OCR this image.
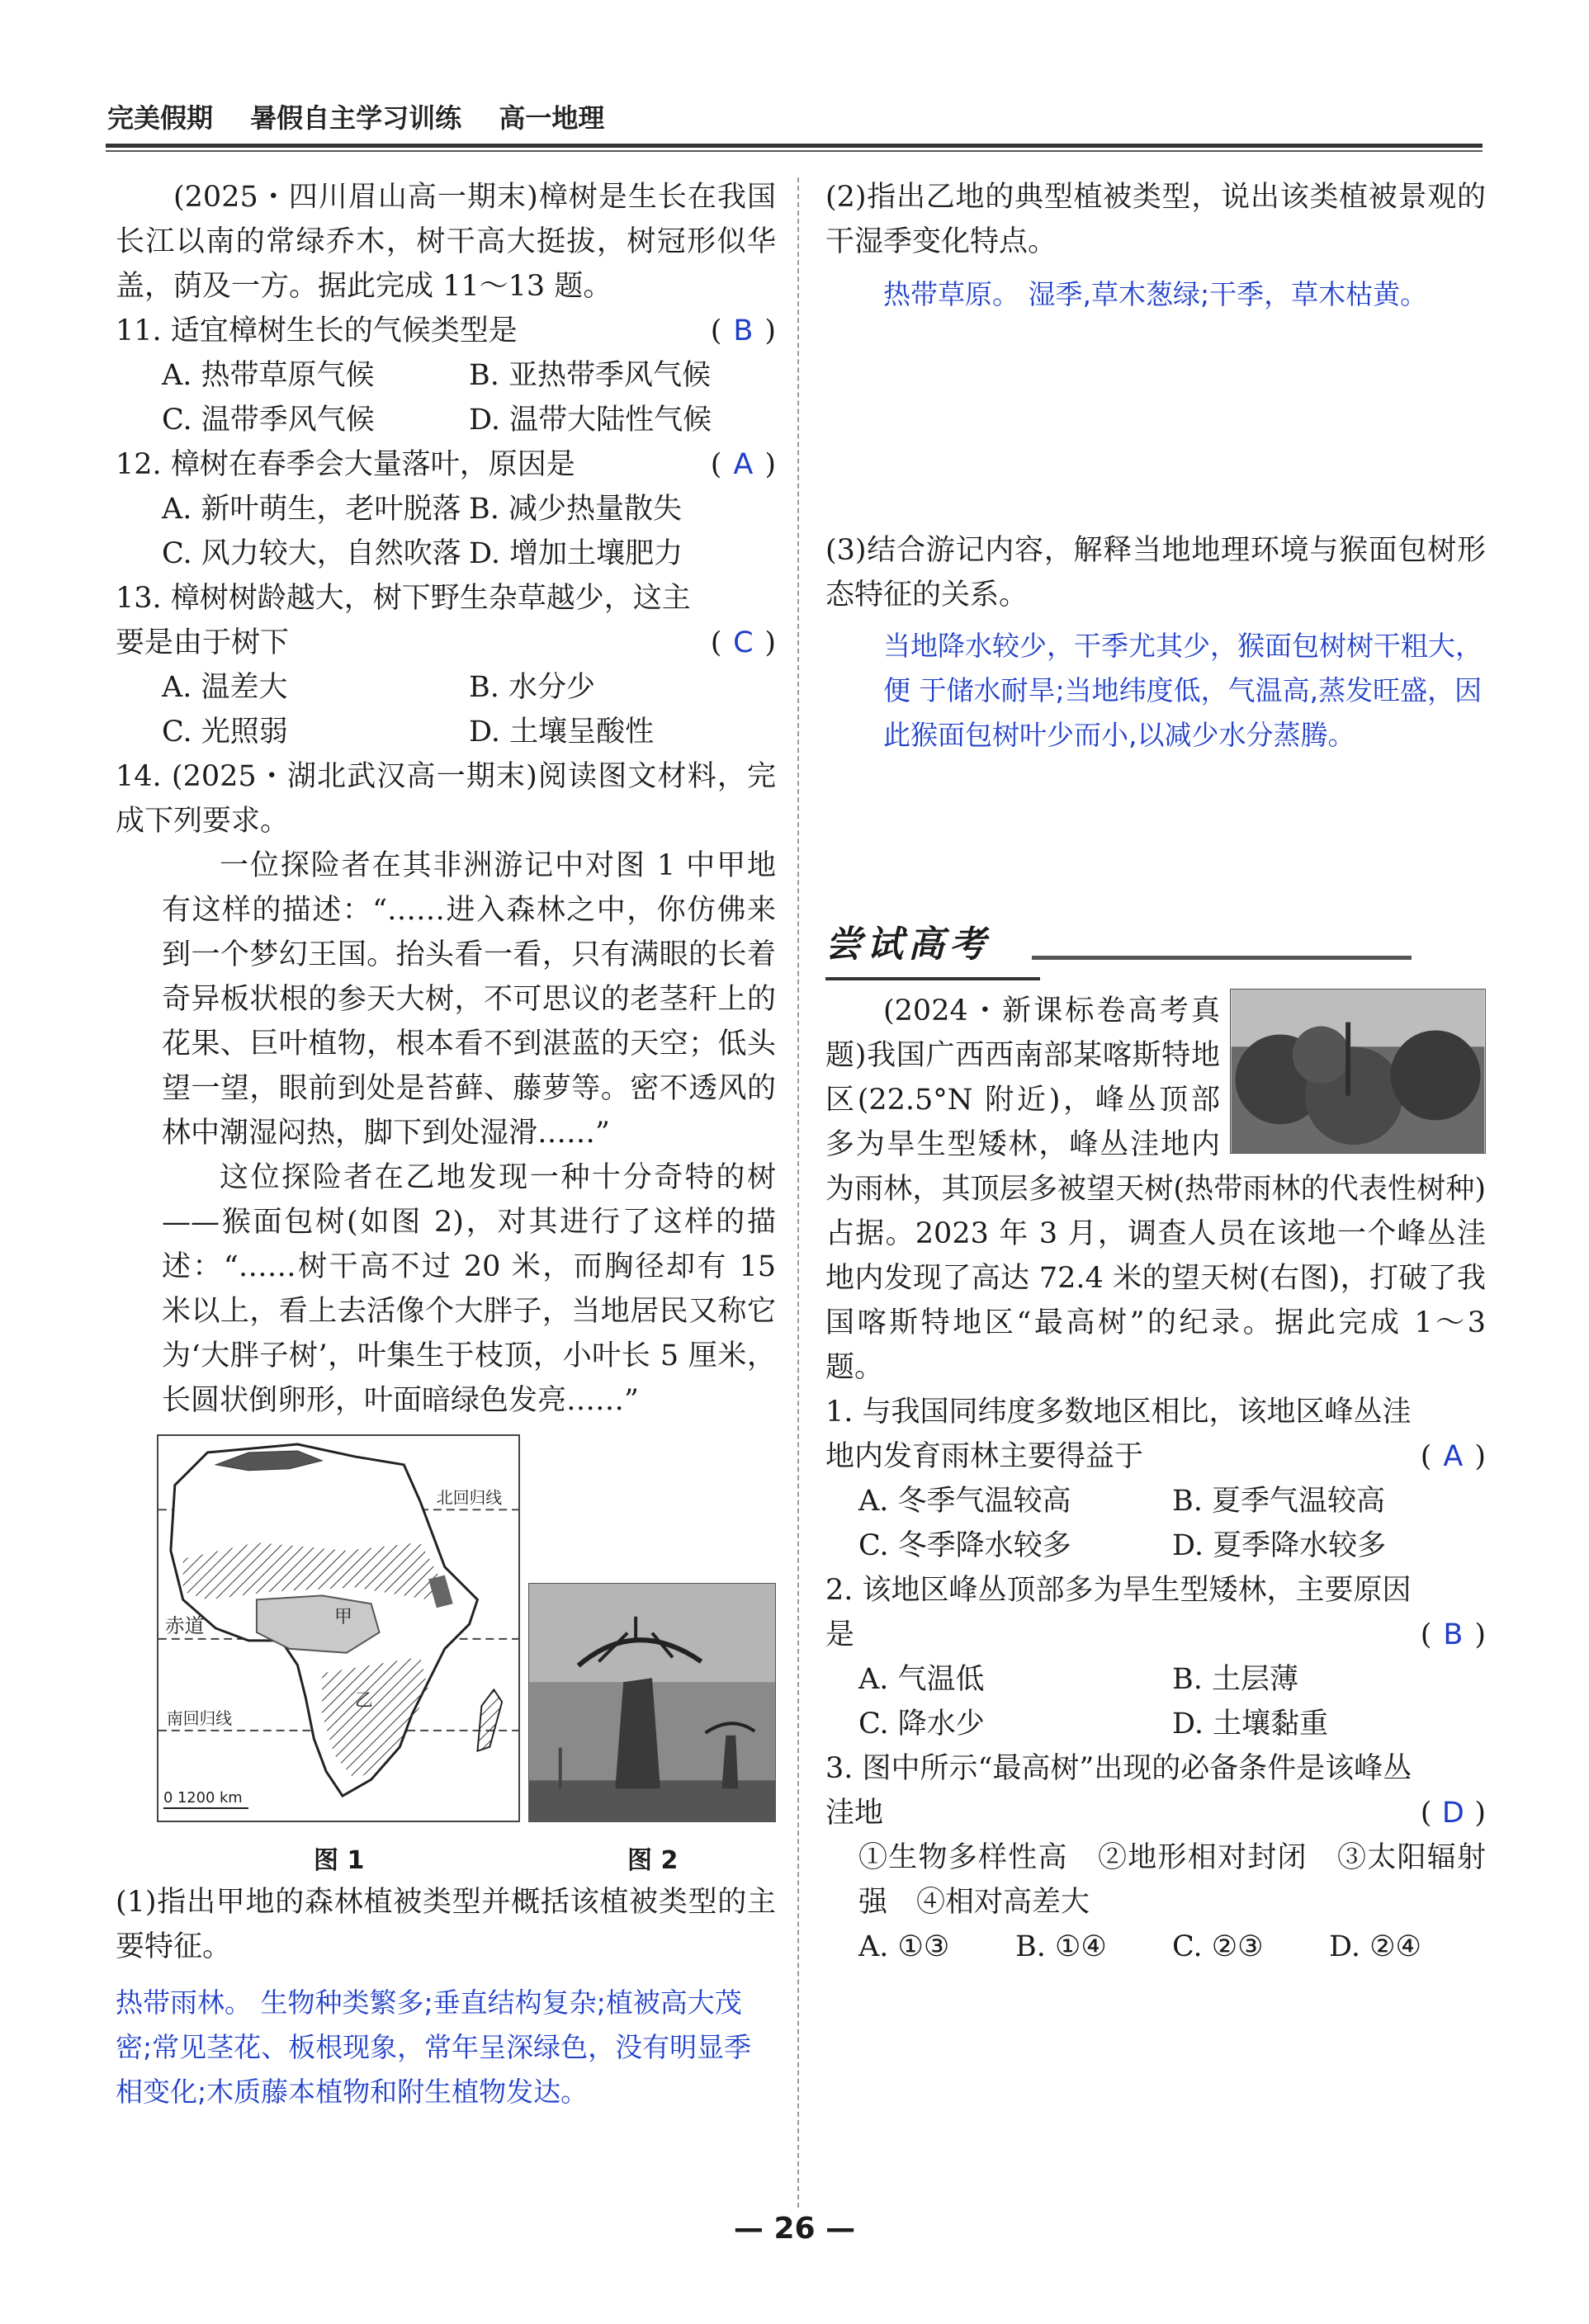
完美假期 暑假自主学习训练 高一地理
(2025・四川眉山高一期末)樟树是生长在我国长江以南的常绿乔木，树干高大挺拔，树冠形似华盖，荫及一方。据此完成 11～13 题。
11. 适宜樟树生长的气候类型是	( B )
A. 热带草原气候	B. 亚热带季风气候
C. 温带季风气候	D. 温带大陆性气候
12. 樟树在春季会大量落叶，原因是	( A )
A. 新叶萌生，老叶脱落 B. 减少热量散失
C. 风力较大，自然吹落 D. 增加土壤肥力
13. 樟树树龄越大，树下野生杂草越少，这主要是由于树下	( C )
A. 温差大	B. 水分少
C. 光照弱	D. 土壤呈酸性
14. (2025・湖北武汉高一期末)阅读图文材料，完成下列要求。
一位探险者在其非洲游记中对图 1 中甲地有这样的描述：“……进入森林之中，你仿佛来到一个梦幻王国。抬头看一看，只有满眼的长着奇异板状根的参天大树，不可思议的老茎秆上的花果、巨叶植物，根本看不到湛蓝的天空；低头望一望，眼前到处是苔藓、藤萝等。密不透风的林中潮湿闷热，脚下到处湿滑……”
这位探险者在乙地发现一种十分奇特的树——猴面包树(如图 2)，对其进行了这样的描述：“……树干高不过 20 米，而胸径却有 15 米以上，看上去活像个大胖子，当地居民又称它为‘大胖子树’，叶集生于枝顶，小叶长 5 厘米，长圆状倒卵形，叶面暗绿色发亮……”
北回归线
赤道
南回归线
甲
乙
0 1200 km
图 1	图 2
(1)指出甲地的森林植被类型并概括该植被类型的主要特征。
热带雨林。 生物种类繁多;垂直结构复杂;植被高大茂密;常见茎花、板根现象，常年呈深绿色，没有明显季相变化;木质藤本植物和附生植物发达。
(2)指出乙地的典型植被类型，说出该类植被景观的干湿季变化特点。
热带草原。 湿季,草木葱绿;干季，草木枯黄。
(3)结合游记内容，解释当地地理环境与猴面包树形态特征的关系。
当地降水较少，干季尤其少，猴面包树树干粗大，便 于储水耐旱;当地纬度低，气温高,蒸发旺盛，因此猴面包树叶少而小,以减少水分蒸腾。
尝试高考
(2024・新课标卷高考真题)我国广西西南部某喀斯特地区(22.5°N 附近)，峰丛顶部多为旱生型矮林，峰丛洼地内为雨林，其顶层多被望天树(热带雨林的代表性树种)占据。2023 年 3 月，调查人员在该地一个峰丛洼地内发现了高达 72.4 米的望天树(右图)，打破了我国喀斯特地区“最高树”的纪录。据此完成 1～3 题。
1. 与我国同纬度多数地区相比，该地区峰丛洼地内发育雨林主要得益于	( A )
A. 冬季气温较高	B. 夏季气温较高
C. 冬季降水较多	D. 夏季降水较多
2. 该地区峰丛顶部多为旱生型矮林，主要原因是	( B )
A. 气温低	B. 土层薄
C. 降水少	D. 土壤黏重
3. 图中所示“最高树”出现的必备条件是该峰丛洼地	( D )
①生物多样性高　②地形相对封闭　③太阳辐射强　④相对高差大
A. ①③	B. ①④	C. ②③	D. ②④
— 26 —
